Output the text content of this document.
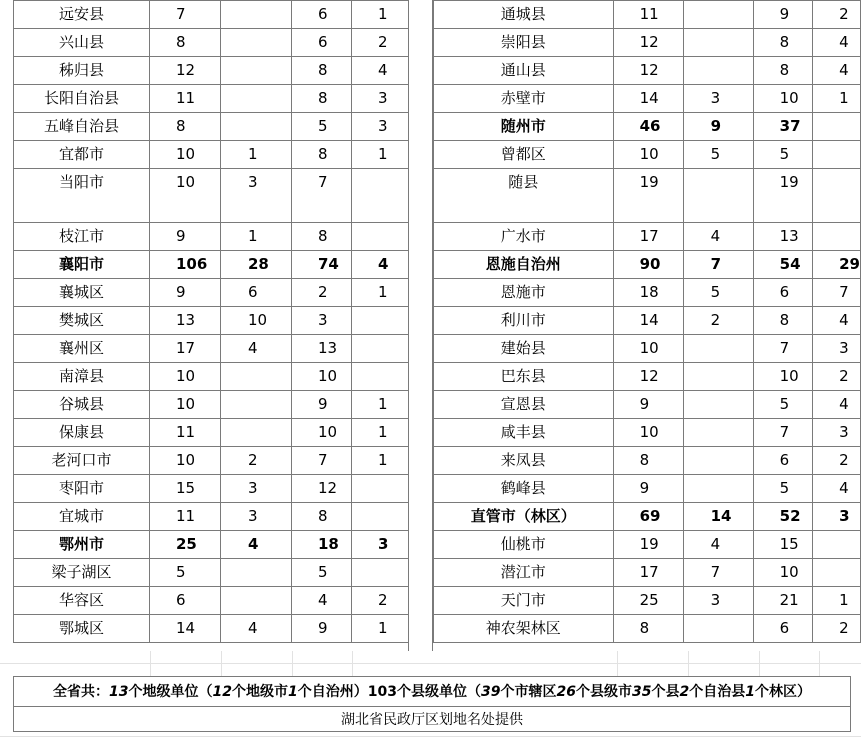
远安县	7		6	1
兴山县	8		6	2
秭归县	12		8	4
长阳自治县	11		8	3
五峰自治县	8		5	3
宜都市	10	1	8	1
当阳市	10	3	7	
枝江市	9	1	8	
襄阳市	106	28	74	4
襄城区	9	6	2	1
樊城区	13	10	3	
襄州区	17	4	13	
南漳县	10		10	
谷城县	10		9	1
保康县	11		10	1
老河口市	10	2	7	1
枣阳市	15	3	12	
宜城市	11	3	8	
鄂州市	25	4	18	3
梁子湖区	5		5	
华容区	6		4	2
鄂城区	14	4	9	1
通城县	11		9	2
崇阳县	12		8	4
通山县	12		8	4
赤壁市	14	3	10	1
随州市	46	9	37	
曾都区	10	5	5	
随县	19		19	
广水市	17	4	13	
恩施自治州	90	7	54	29
恩施市	18	5	6	7
利川市	14	2	8	4
建始县	10		7	3
巴东县	12		10	2
宣恩县	9		5	4
咸丰县	10		7	3
来凤县	8		6	2
鹤峰县	9		5	4
直管市（林区）	69	14	52	3
仙桃市	19	4	15	
潜江市	17	7	10	
天门市	25	3	21	1
神农架林区	8		6	2
全省共：13个地级单位（12个地级市1个自治州）103个县级单位（39个市辖区26个县级市35个县2个自治县1个林区）
湖北省民政厅区划地名处提供
